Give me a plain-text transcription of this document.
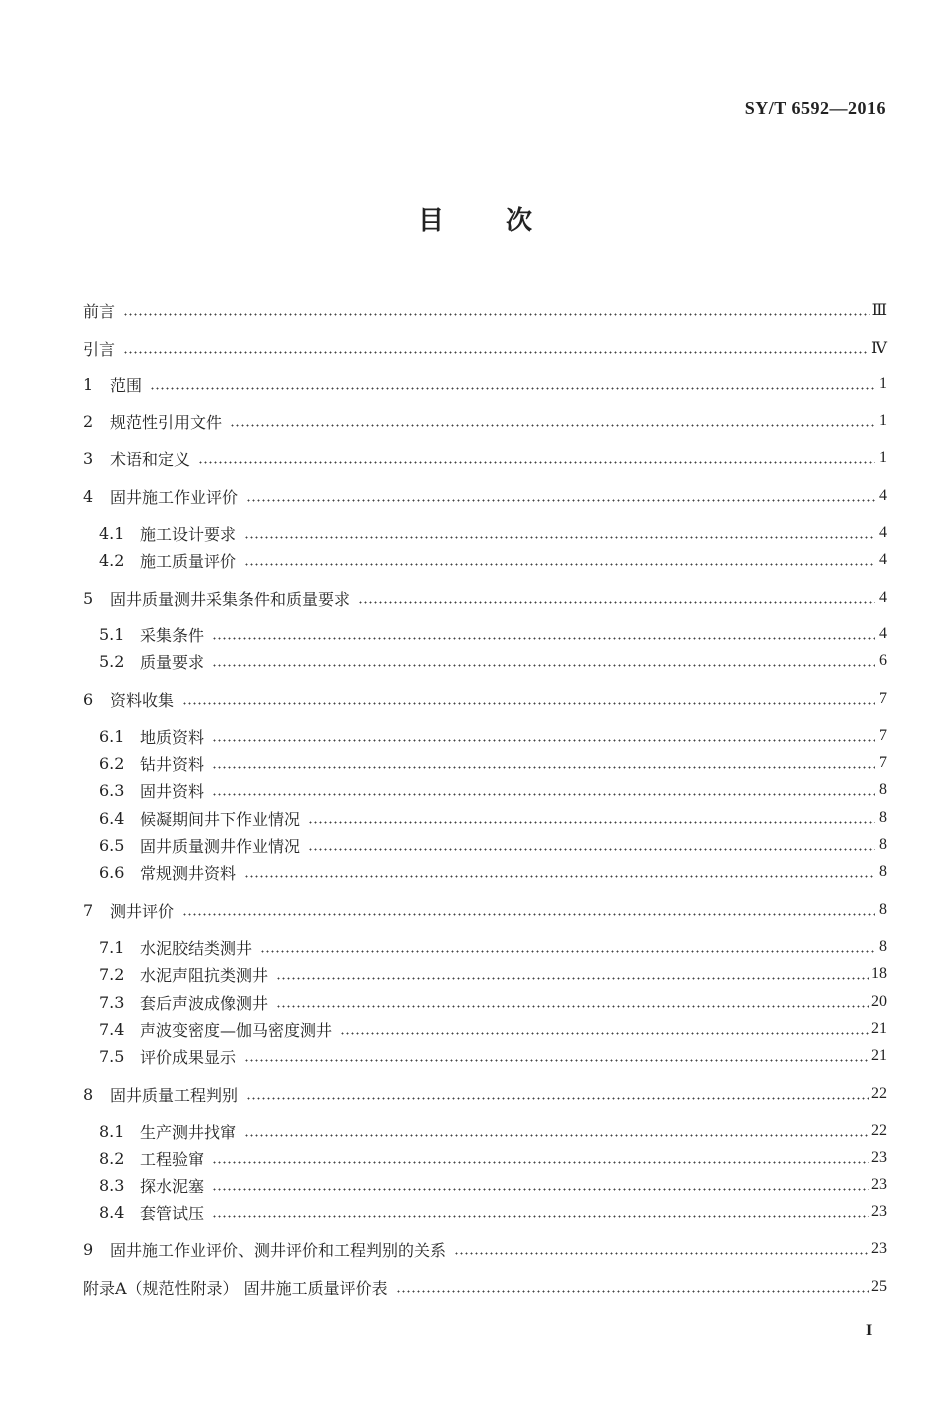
SY/T 6592—2016
目 次
前言	Ⅲ
引言	Ⅳ
1	范围	1
2	规范性引用文件	1
3	术语和定义	1
4	固井施工作业评价	4
4.1 施工设计要求	4
4.2 施工质量评价	4
5	固井质量测井采集条件和质量要求	4
5.1 采集条件	4
5.2 质量要求	6
6	资料收集	7
6.1 地质资料	7
6.2 钻井资料	7
6.3 固井资料	8
6.4 候凝期间井下作业情况	8
6.5 固井质量测井作业情况	8
6.6 常规测井资料	8
7	测井评价	8
7.1 水泥胶结类测井	8
7.2 水泥声阻抗类测井	18
7.3 套后声波成像测井	20
7.4 声波变密度—伽马密度测井	21
7.5 评价成果显示	21
8	固井质量工程判别	22
8.1 生产测井找窜	22
8.2 工程验窜	23
8.3 探水泥塞	23
8.4 套管试压	23
9	固井施工作业评价、测井评价和工程判别的关系	23
附录A（规范性附录） 固井施工质量评价表	25
I
